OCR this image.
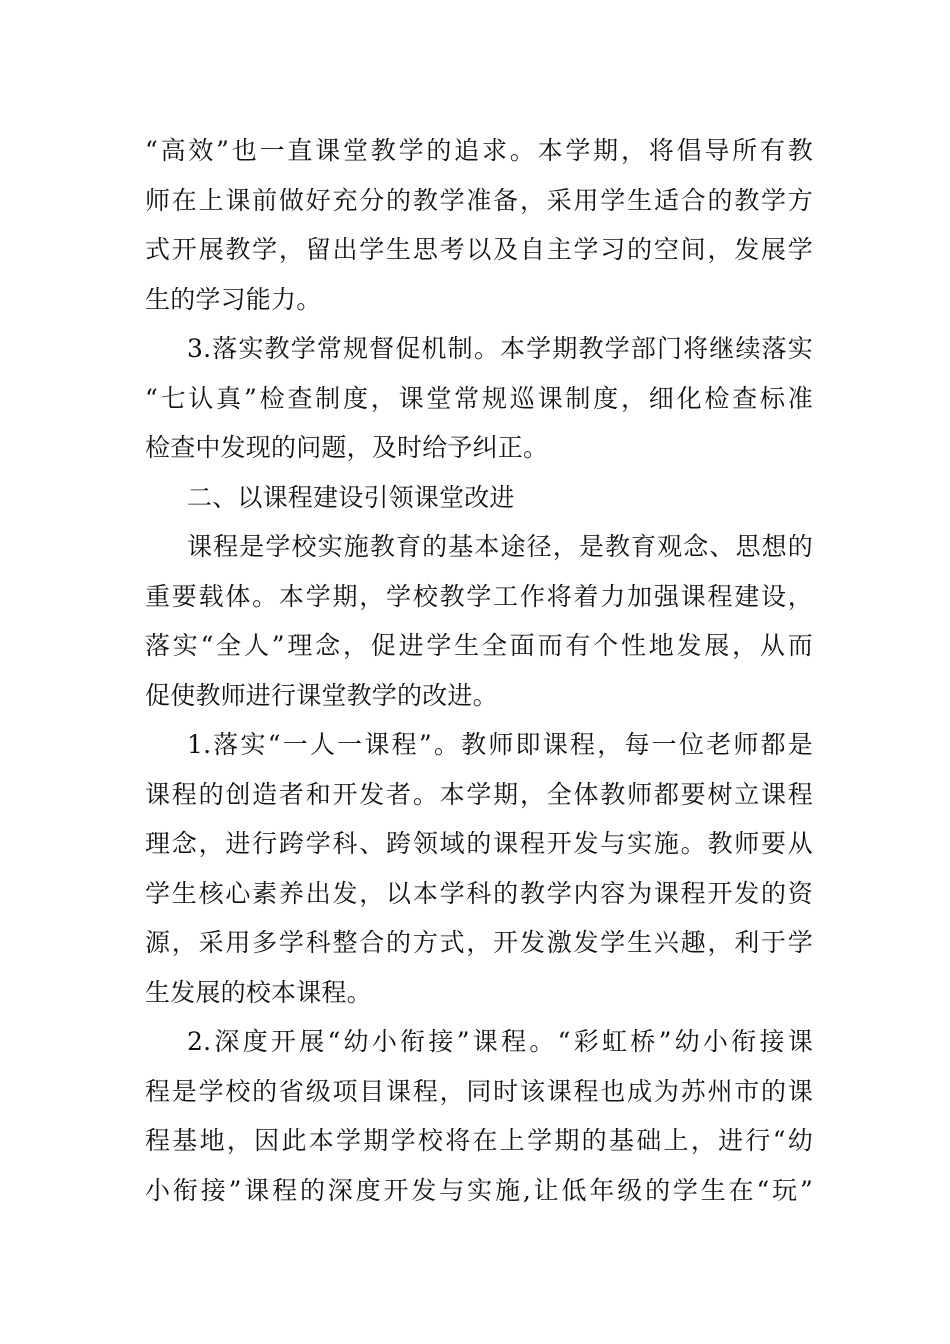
“高效”也一直课堂教学的追求。本学期，将倡导所有教
师在上课前做好充分的教学准备，采用学生适合的教学方
式开展教学，留出学生思考以及自主学习的空间，发展学
生的学习能力。
3.落实教学常规督促机制。本学期教学部门将继续落实
“七认真”检查制度，课堂常规巡课制度，细化检查标准
检查中发现的问题，及时给予纠正。
二、以课程建设引领课堂改进
课程是学校实施教育的基本途径，是教育观念、思想的
重要载体。本学期，学校教学工作将着力加强课程建设，
落实“全人”理念，促进学生全面而有个性地发展，从而
促使教师进行课堂教学的改进。
1.落实“一人一课程”。教师即课程，每一位老师都是
课程的创造者和开发者。本学期，全体教师都要树立课程
理念，进行跨学科、跨领域的课程开发与实施。教师要从
学生核心素养出发，以本学科的教学内容为课程开发的资
源，采用多学科整合的方式，开发激发学生兴趣，利于学
生发展的校本课程。
2.深度开展“幼小衔接”课程。“彩虹桥”幼小衔接课
程是学校的省级项目课程，同时该课程也成为苏州市的课
程基地，因此本学期学校将在上学期的基础上，进行“幼
小衔接”课程的深度开发与实施,让低年级的学生在“玩”
